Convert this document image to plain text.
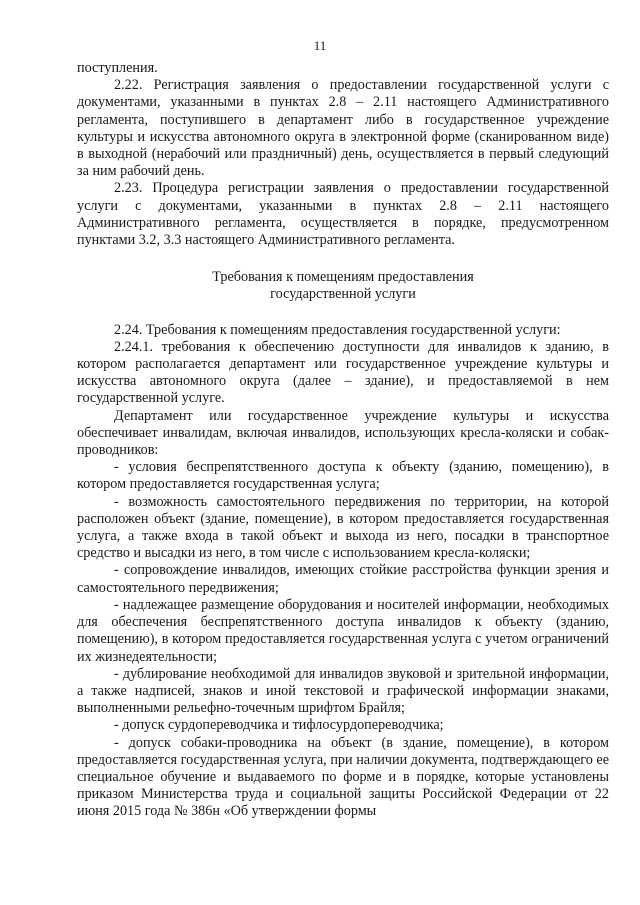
11

поступления.

2.22. Регистрация заявления о предоставлении государственной услуги с документами, указанными в пунктах 2.8 – 2.11 настоящего Административного регламента, поступившего в департамент либо в государственное учреждение культуры и искусства автономного округа в электронной форме (сканированном виде) в выходной (нерабочий или праздничный) день, осуществляется в первый следующий за ним рабочий день.

2.23. Процедура регистрации заявления о предоставлении государственной услуги с документами, указанными в пунктах 2.8 – 2.11 настоящего Административного регламента, осуществляется в порядке, предусмотренном пунктами 3.2, 3.3 настоящего Административного регламента.

Требования к помещениям предоставления
государственной услуги

2.24. Требования к помещениям предоставления государственной услуги:

2.24.1. требования к обеспечению доступности для инвалидов к зданию, в котором располагается департамент или государственное учреждение культуры и искусства автономного округа (далее – здание), и предоставляемой в нем государственной услуге.

Департамент или государственное учреждение культуры и искусства обеспечивает инвалидам, включая инвалидов, использующих кресла-коляски и собак-проводников:

- условия беспрепятственного доступа к объекту (зданию, помещению), в котором предоставляется государственная услуга;

- возможность самостоятельного передвижения по территории, на которой расположен объект (здание, помещение), в котором предоставляется государственная услуга, а также входа в такой объект и выхода из него, посадки в транспортное средство и высадки из него, в том числе с использованием кресла-коляски;

- сопровождение инвалидов, имеющих стойкие расстройства функции зрения и самостоятельного передвижения;

- надлежащее размещение оборудования и носителей информации, необходимых для обеспечения беспрепятственного доступа инвалидов к объекту (зданию, помещению), в котором предоставляется государственная услуга с учетом ограничений их жизнедеятельности;

- дублирование необходимой для инвалидов звуковой и зрительной информации, а также надписей, знаков и иной текстовой и графической информации знаками, выполненными рельефно-точечным шрифтом Брайля;

- допуск сурдопереводчика и тифлосурдопереводчика;

- допуск собаки-проводника на объект (в здание, помещение), в котором предоставляется государственная услуга, при наличии документа, подтверждающего ее специальное обучение и выдаваемого по форме и в порядке, которые установлены приказом Министерства труда и социальной защиты Российской Федерации от 22 июня 2015 года № 386н «Об утверждении формы
